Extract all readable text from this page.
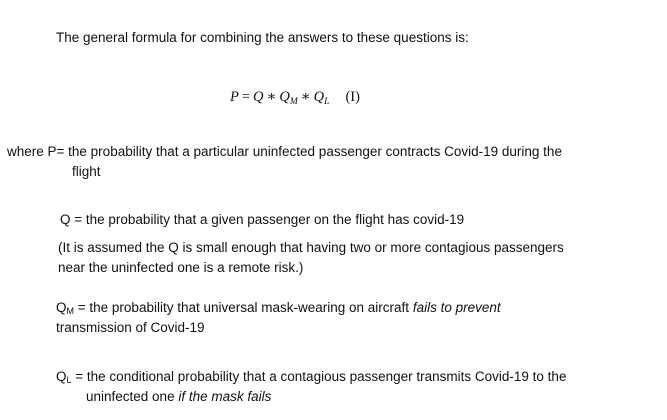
The general formula for combining the answers to these questions is:
P = Q ∗ $Q_M$ ∗ $Q_L$ (I)
where P= the probability that a particular uninfected passenger contracts Covid-19 during the
flight
Q = the probability that a given passenger on the flight has covid-19
(It is assumed the Q is small enough that having two or more contagious passengers
near the uninfected one is a remote risk.)
$Q_M$ = the probability that universal mask-wearing on aircraft fails to prevent
transmission of Covid-19
$Q_L$ = the conditional probability that a contagious passenger transmits Covid-19 to the
uninfected one if the mask fails
